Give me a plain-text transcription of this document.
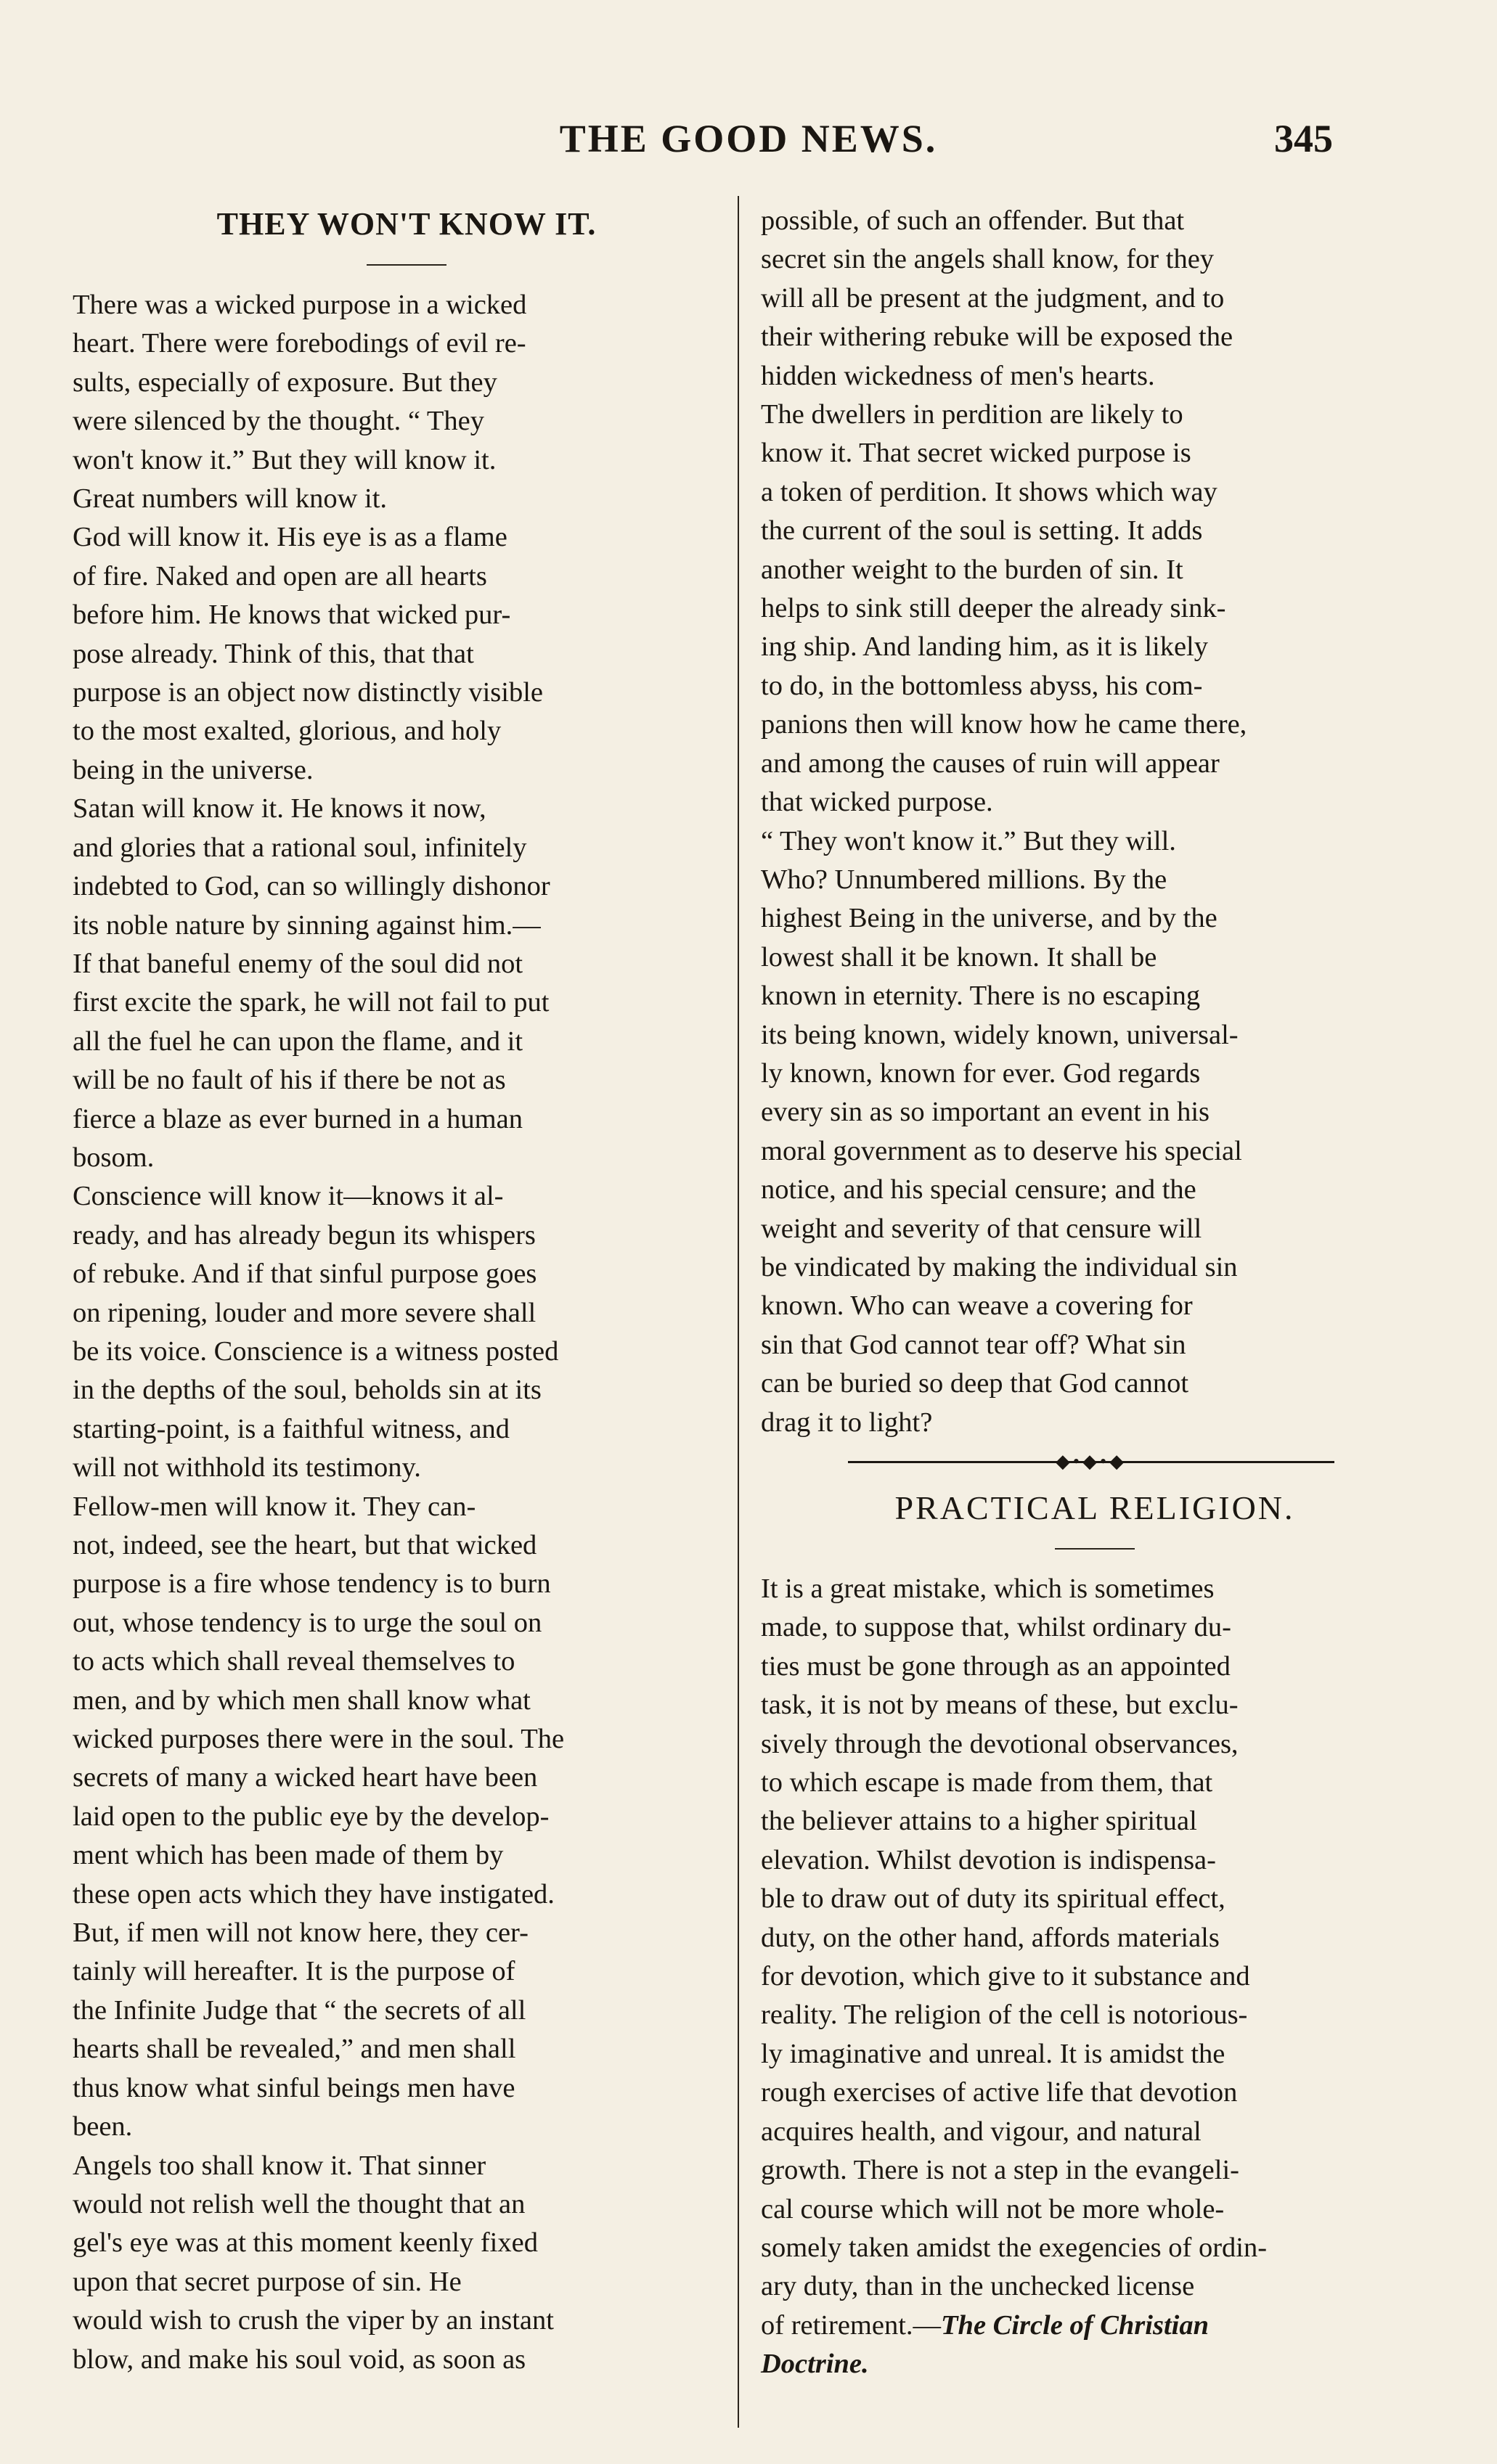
THE GOOD NEWS.	345
THEY WON'T KNOW IT.
There was a wicked purpose in a wicked
heart. There were forebodings of evil re-
sults, especially of exposure. But they
were silenced by the thought. “ They
won't know it.” But they will know it.
Great numbers will know it.
God will know it. His eye is as a flame
of fire. Naked and open are all hearts
before him. He knows that wicked pur-
pose already. Think of this, that that
purpose is an object now distinctly visible
to the most exalted, glorious, and holy
being in the universe.
Satan will know it. He knows it now,
and glories that a rational soul, infinitely
indebted to God, can so willingly dishonor
its noble nature by sinning against him.—
If that baneful enemy of the soul did not
first excite the spark, he will not fail to put
all the fuel he can upon the flame, and it
will be no fault of his if there be not as
fierce a blaze as ever burned in a human
bosom.
Conscience will know it—knows it al-
ready, and has already begun its whispers
of rebuke. And if that sinful purpose goes
on ripening, louder and more severe shall
be its voice. Conscience is a witness posted
in the depths of the soul, beholds sin at its
starting-point, is a faithful witness, and
will not withhold its testimony.
Fellow-men will know it. They can-
not, indeed, see the heart, but that wicked
purpose is a fire whose tendency is to burn
out, whose tendency is to urge the soul on
to acts which shall reveal themselves to
men, and by which men shall know what
wicked purposes there were in the soul. The
secrets of many a wicked heart have been
laid open to the public eye by the develop-
ment which has been made of them by
these open acts which they have instigated.
But, if men will not know here, they cer-
tainly will hereafter. It is the purpose of
the Infinite Judge that “ the secrets of all
hearts shall be revealed,” and men shall
thus know what sinful beings men have
been.
Angels too shall know it. That sinner
would not relish well the thought that an
gel's eye was at this moment keenly fixed
upon that secret purpose of sin. He
would wish to crush the viper by an instant
blow, and make his soul void, as soon as
possible, of such an offender. But that
secret sin the angels shall know, for they
will all be present at the judgment, and to
their withering rebuke will be exposed the
hidden wickedness of men's hearts.
The dwellers in perdition are likely to
know it. That secret wicked purpose is
a token of perdition. It shows which way
the current of the soul is setting. It adds
another weight to the burden of sin. It
helps to sink still deeper the already sink-
ing ship. And landing him, as it is likely
to do, in the bottomless abyss, his com-
panions then will know how he came there,
and among the causes of ruin will appear
that wicked purpose.
“ They won't know it.” But they will.
Who? Unnumbered millions. By the
highest Being in the universe, and by the
lowest shall it be known. It shall be
known in eternity. There is no escaping
its being known, widely known, universal-
ly known, known for ever. God regards
every sin as so important an event in his
moral government as to deserve his special
notice, and his special censure; and the
weight and severity of that censure will
be vindicated by making the individual sin
known. Who can weave a covering for
sin that God cannot tear off? What sin
can be buried so deep that God cannot
drag it to light?
◆•◆•◆
PRACTICAL RELIGION.
It is a great mistake, which is sometimes
made, to suppose that, whilst ordinary du-
ties must be gone through as an appointed
task, it is not by means of these, but exclu-
sively through the devotional observances,
to which escape is made from them, that
the believer attains to a higher spiritual
elevation. Whilst devotion is indispensa-
ble to draw out of duty its spiritual effect,
duty, on the other hand, affords materials
for devotion, which give to it substance and
reality. The religion of the cell is notorious-
ly imaginative and unreal. It is amidst the
rough exercises of active life that devotion
acquires health, and vigour, and natural
growth. There is not a step in the evangeli-
cal course which will not be more whole-
somely taken amidst the exegencies of ordin-
ary duty, than in the unchecked license
of retirement.—The Circle of Christian
Doctrine.
